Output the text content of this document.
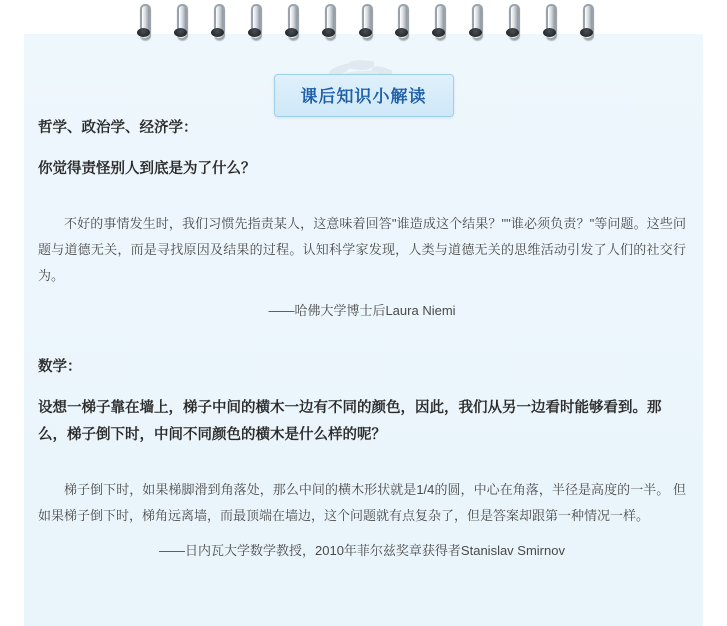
课后知识小解读

哲学、政治学、经济学：

你觉得责怪别人到底是为了什么？

不好的事情发生时，我们习惯先指责某人，这意味着回答"谁造成这个结果？""谁必须负责？"等问题。这些问题与道德无关，而是寻找原因及结果的过程。认知科学家发现，人类与道德无关的思维活动引发了人们的社交行为。

——哈佛大学博士后Laura Niemi

数学：

设想一梯子靠在墙上，梯子中间的横木一边有不同的颜色，因此，我们从另一边看时能够看到。那么，梯子倒下时，中间不同颜色的横木是什么样的呢？

梯子倒下时，如果梯脚滑到角落处，那么中间的横木形状就是1/4的圆，中心在角落，半径是高度的一半。 但如果梯子倒下时，梯角远离墙，而最顶端在墙边，这个问题就有点复杂了，但是答案却跟第一种情况一样。

——日内瓦大学数学教授，2010年菲尔兹奖章获得者Stanislav Smirnov
